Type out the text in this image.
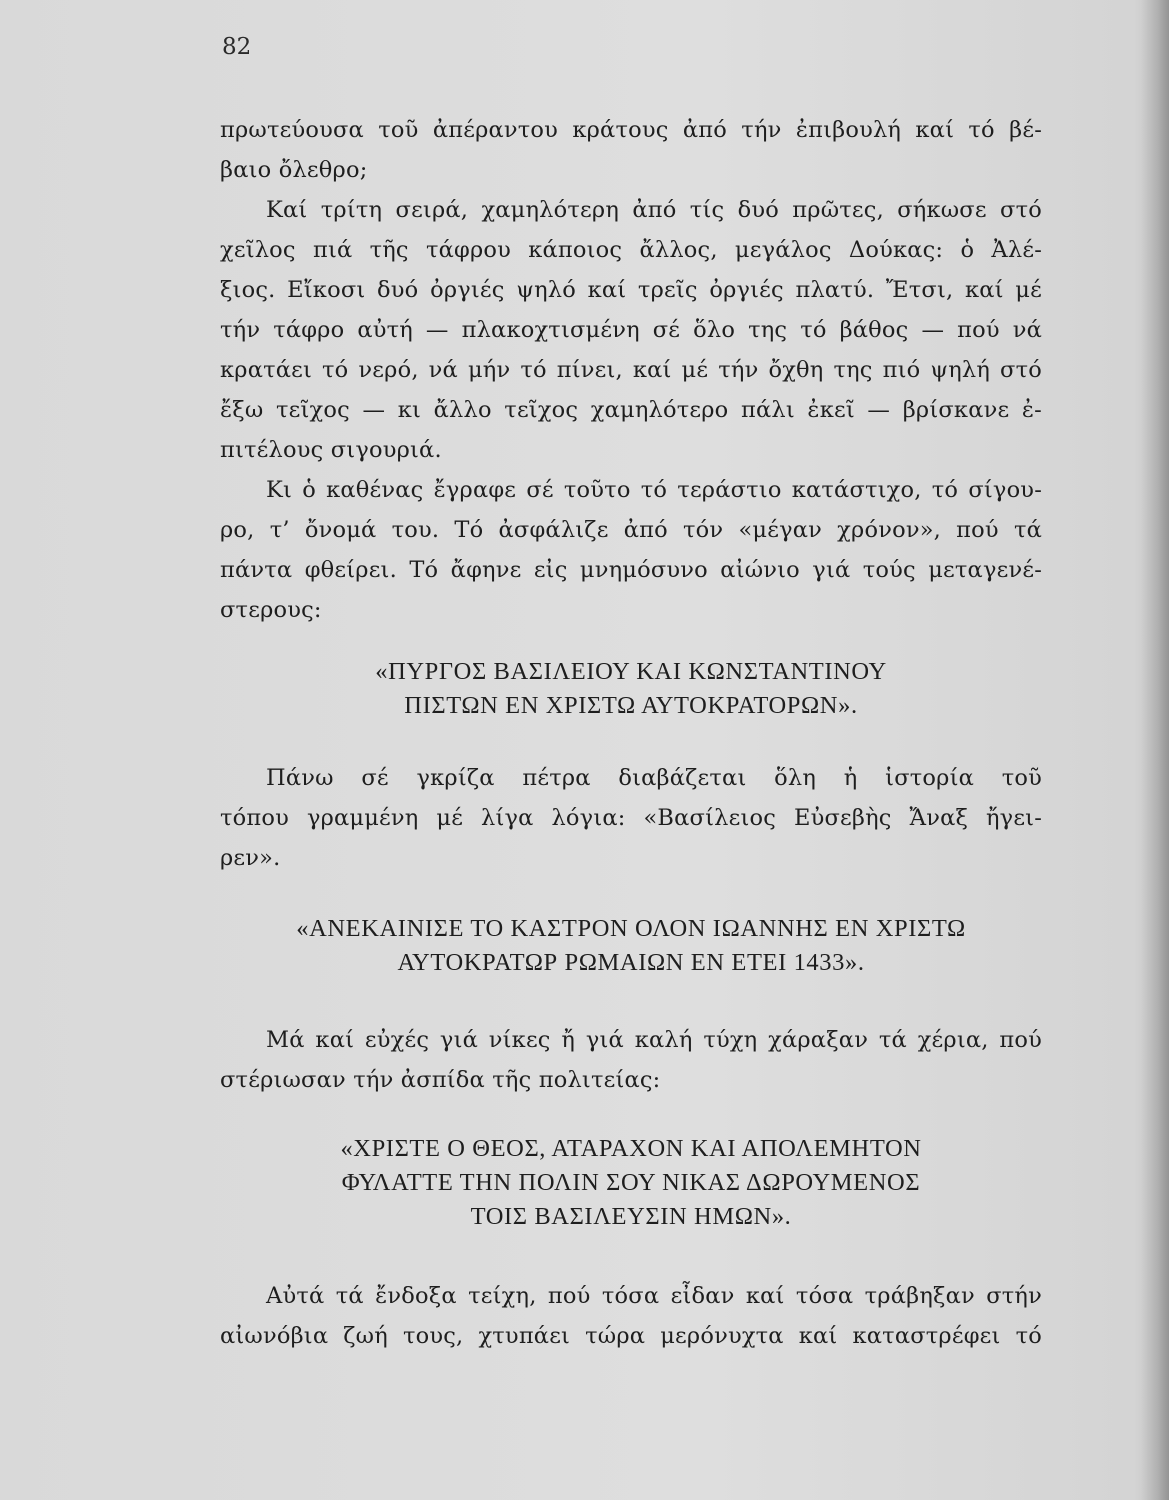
82
πρωτεύουσα τοῦ ἀπέραντου κράτους ἀπό τήν ἐπιβουλή καί τό βέ-
βαιο ὄλεθρο;
Καί τρίτη σειρά, χαμηλότερη ἀπό τίς δυό πρῶτες, σήκωσε στό
χεῖλος πιά τῆς τάφρου κάποιος ἄλλος, μεγάλος Δούκας: ὁ Ἀλέ-
ξιος. Εἴκοσι δυό ὀργιές ψηλό καί τρεῖς ὀργιές πλατύ. Ἔτσι, καί μέ
τήν τάφρο αὐτή — πλακοχτισμένη σέ ὅλο της τό βάθος — πού νά
κρατάει τό νερό, νά μήν τό πίνει, καί μέ τήν ὄχθη της πιό ψηλή στό
ἔξω τεῖχος — κι ἄλλο τεῖχος χαμηλότερο πάλι ἐκεῖ — βρίσκανε ἐ-
πιτέλους σιγουριά.
Κι ὁ καθένας ἔγραφε σέ τοῦτο τό τεράστιο κατάστιχο, τό σίγου-
ρο, τ’ ὄνομά του. Τό ἀσφάλιζε ἀπό τόν «μέγαν χρόνον», πού τά
πάντα φθείρει. Τό ἄφηνε εἰς μνημόσυνο αἰώνιο γιά τούς μεταγενέ-
στερους:
«ΠΥΡΓΟΣ ΒΑΣΙΛΕΙΟΥ ΚΑΙ ΚΩΝΣΤΑΝΤΙΝΟΥ
ΠΙΣΤΩΝ ΕΝ ΧΡΙΣΤΩ ΑΥΤΟΚΡΑΤΟΡΩΝ».
Πάνω σέ γκρίζα πέτρα διαβάζεται ὅλη ἡ ἱστορία τοῦ
τόπου γραμμένη μέ λίγα λόγια: «Βασίλειος Εὐσεβὴς Ἄναξ ἤγει-
ρεν».
«ΑΝΕΚΑΙΝΙΣΕ ΤΟ ΚΑΣΤΡΟΝ ΟΛΟΝ ΙΩΑΝΝΗΣ ΕΝ ΧΡΙΣΤΩ
ΑΥΤΟΚΡΑΤΩΡ ΡΩΜΑΙΩΝ ΕΝ ΕΤΕΙ 1433».
Μά καί εὐχές γιά νίκες ἤ γιά καλή τύχη χάραξαν τά χέρια, πού
στέριωσαν τήν ἀσπίδα τῆς πολιτείας:
«ΧΡΙΣΤΕ Ο ΘΕΟΣ, ΑΤΑΡΑΧΟΝ ΚΑΙ ΑΠΟΛΕΜΗΤΟΝ
ΦΥΛΑΤΤΕ ΤΗΝ ΠΟΛΙΝ ΣΟΥ ΝΙΚΑΣ ΔΩΡΟΥΜΕΝΟΣ
ΤΟΙΣ ΒΑΣΙΛΕΥΣΙΝ ΗΜΩΝ».
Αὐτά τά ἔνδοξα τείχη, πού τόσα εἶδαν καί τόσα τράβηξαν στήν
αἰωνόβια ζωή τους, χτυπάει τώρα μερόνυχτα καί καταστρέφει τό
